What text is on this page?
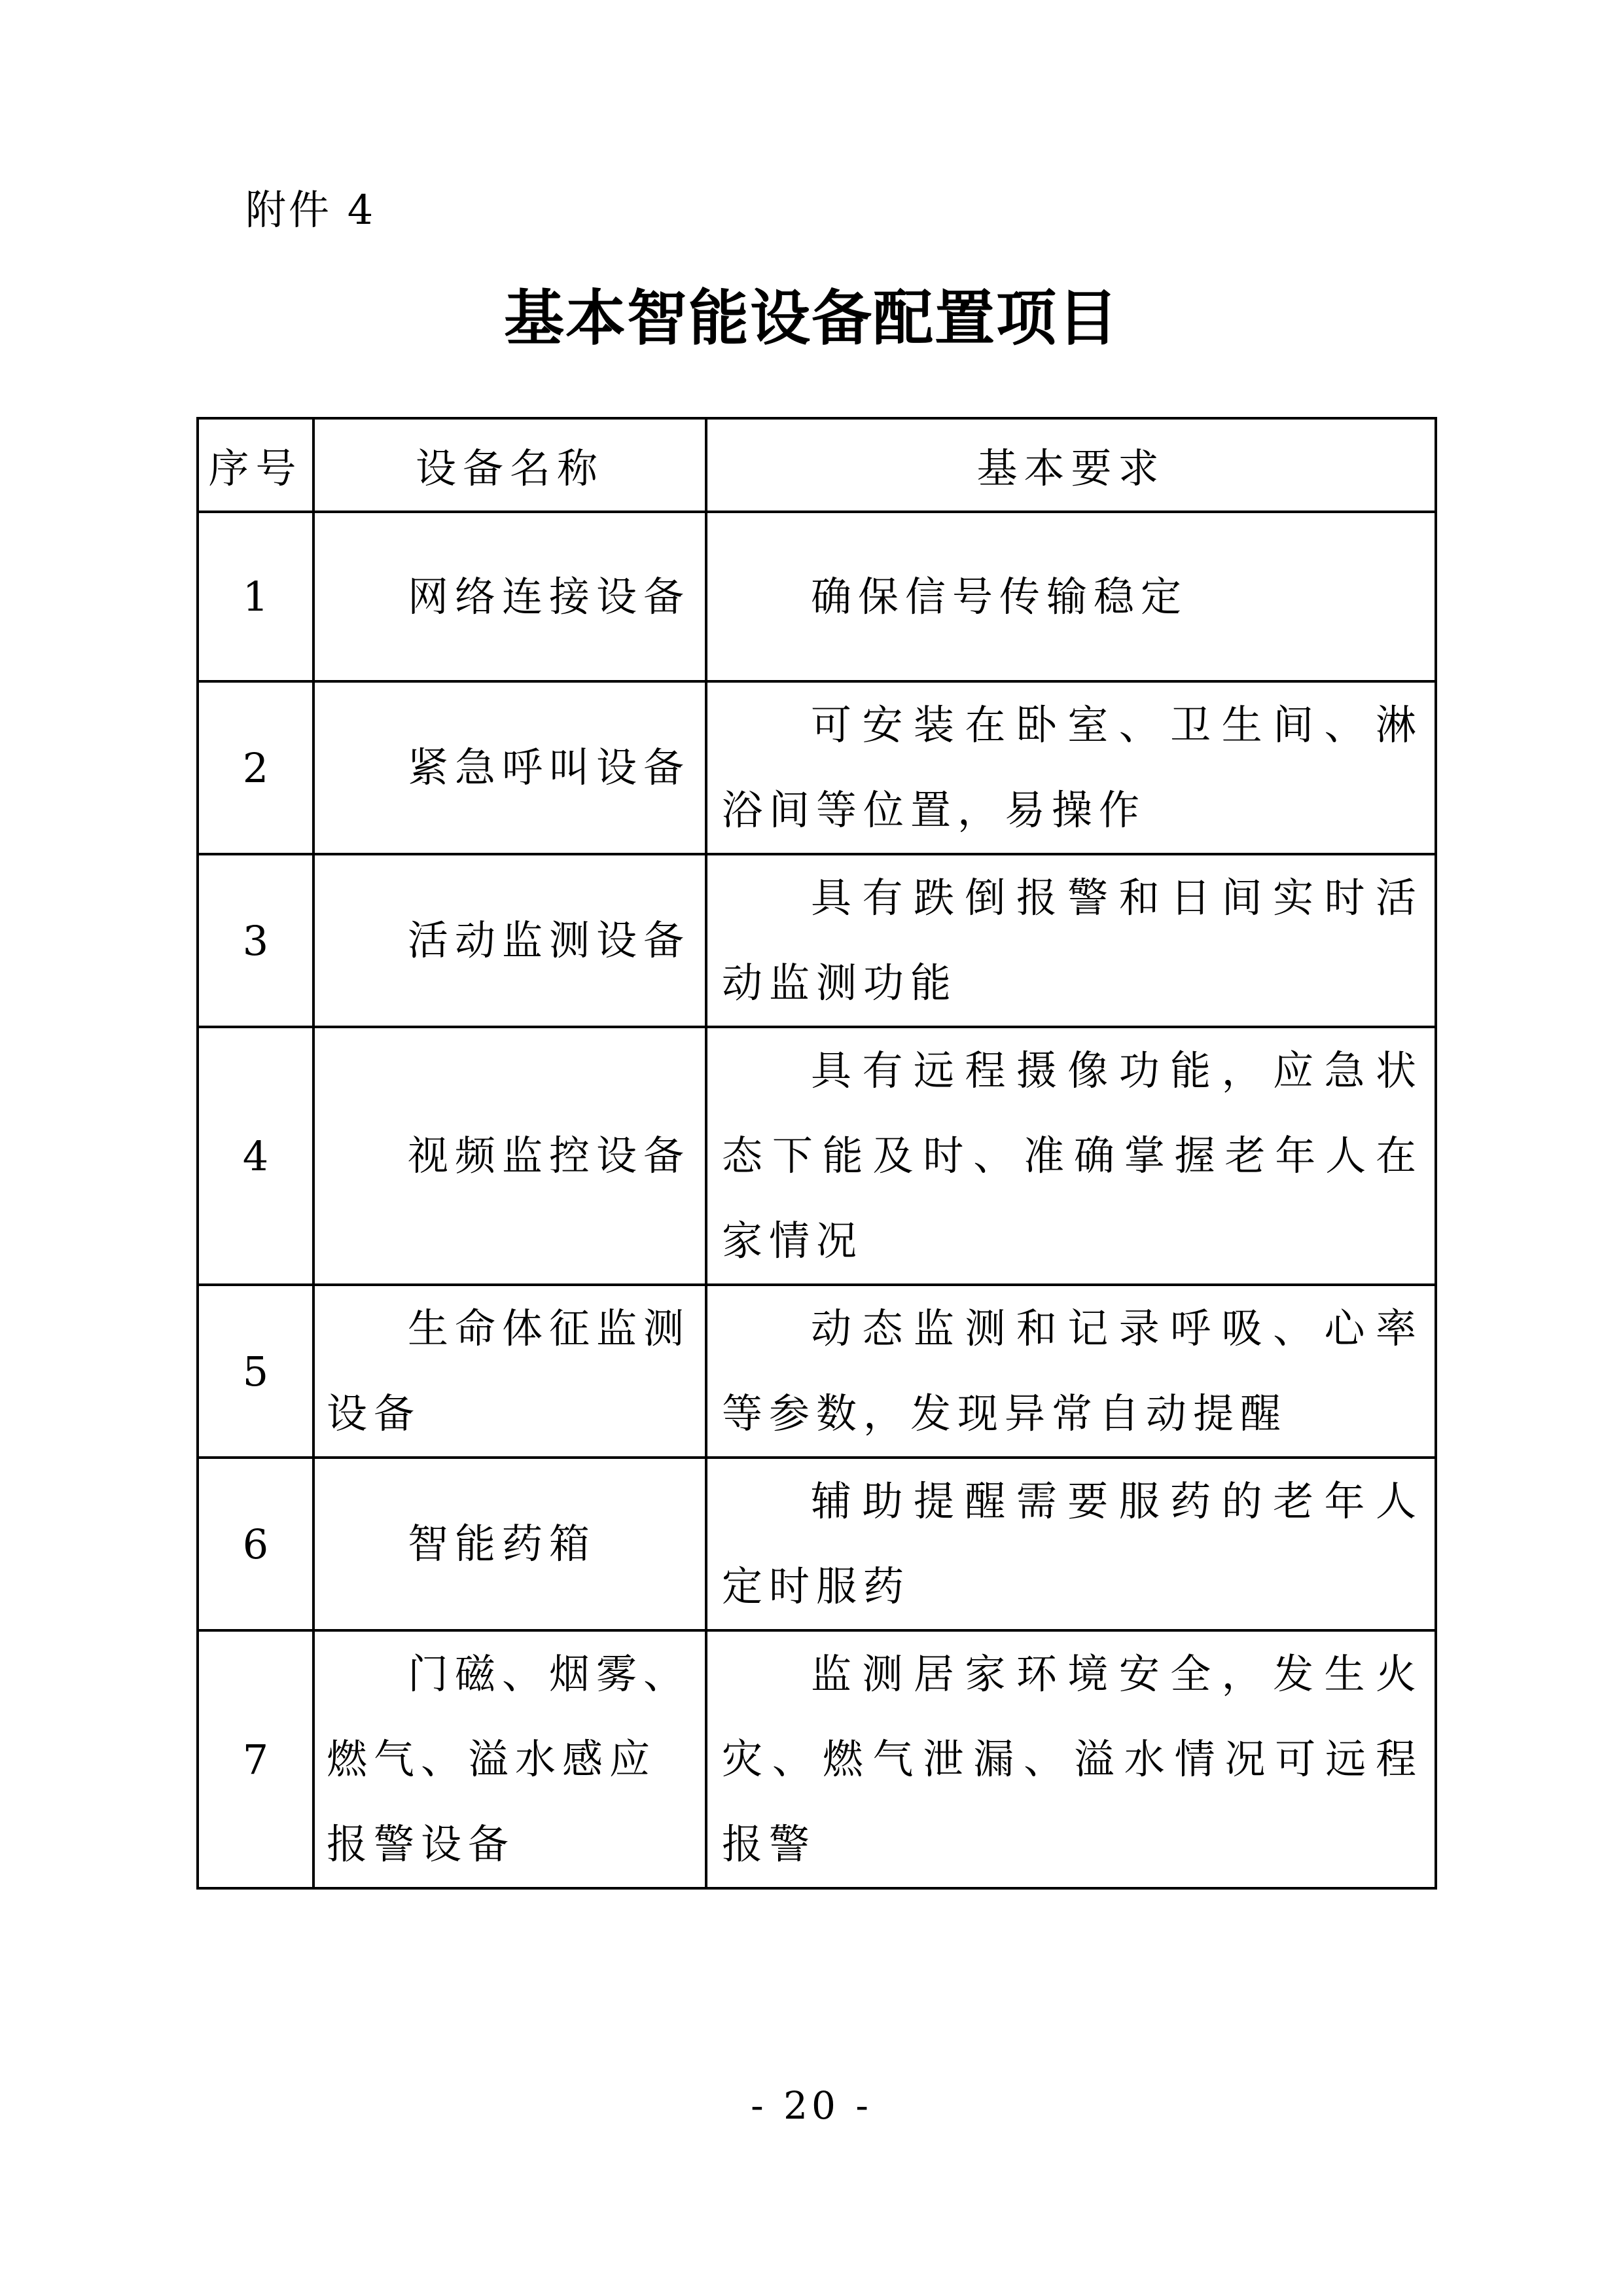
附件 4
基本智能设备配置项目
序号	设备名称	基本要求
1	网络连接设备	确保信号传输稳定
2	紧急呼叫设备	可安装在卧室、卫生间、淋浴间等位置，易操作
3	活动监测设备	具有跌倒报警和日间实时活动监测功能
4	视频监控设备	具有远程摄像功能，应急状态下能及时、准确掌握老年人在家情况
5	生命体征监测设备	动态监测和记录呼吸、心率等参数，发现异常自动提醒
6	智能药箱	辅助提醒需要服药的老年人定时服药
7	门磁、烟雾、燃气、溢水感应报警设备	监测居家环境安全，发生火灾、燃气泄漏、溢水情况可远程报警
- 20 -
